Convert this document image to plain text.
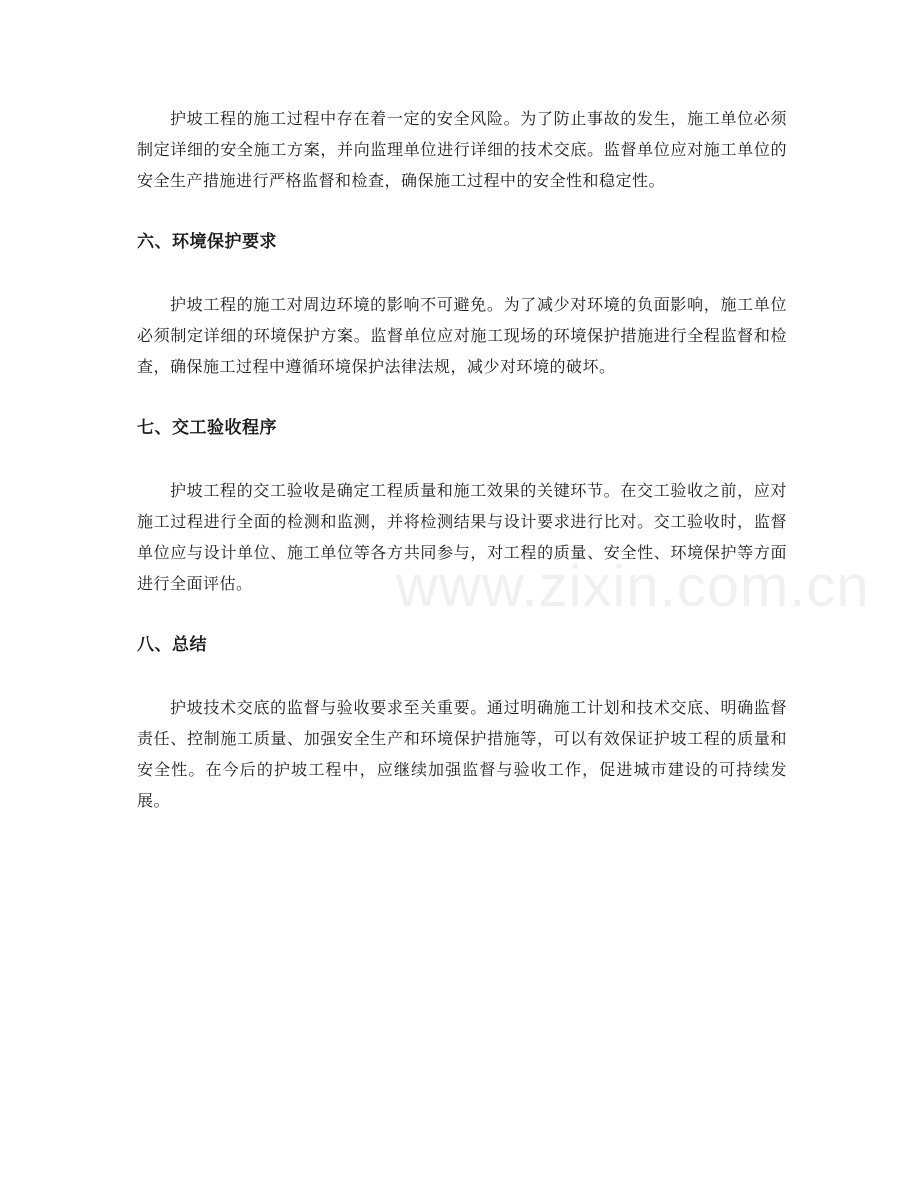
护坡工程的施工过程中存在着一定的安全风险。为了防止事故的发生，施工单位必须制定详细的安全施工方案，并向监理单位进行详细的技术交底。监督单位应对施工单位的安全生产措施进行严格监督和检查，确保施工过程中的安全性和稳定性。

六、环境保护要求

护坡工程的施工对周边环境的影响不可避免。为了减少对环境的负面影响，施工单位必须制定详细的环境保护方案。监督单位应对施工现场的环境保护措施进行全程监督和检查，确保施工过程中遵循环境保护法律法规，减少对环境的破坏。

七、交工验收程序

护坡工程的交工验收是确定工程质量和施工效果的关键环节。在交工验收之前，应对施工过程进行全面的检测和监测，并将检测结果与设计要求进行比对。交工验收时，监督单位应与设计单位、施工单位等各方共同参与，对工程的质量、安全性、环境保护等方面进行全面评估。

八、总结

护坡技术交底的监督与验收要求至关重要。通过明确施工计划和技术交底、明确监督责任、控制施工质量、加强安全生产和环境保护措施等，可以有效保证护坡工程的质量和安全性。在今后的护坡工程中，应继续加强监督与验收工作，促进城市建设的可持续发展。

www.zixin.com.cn
